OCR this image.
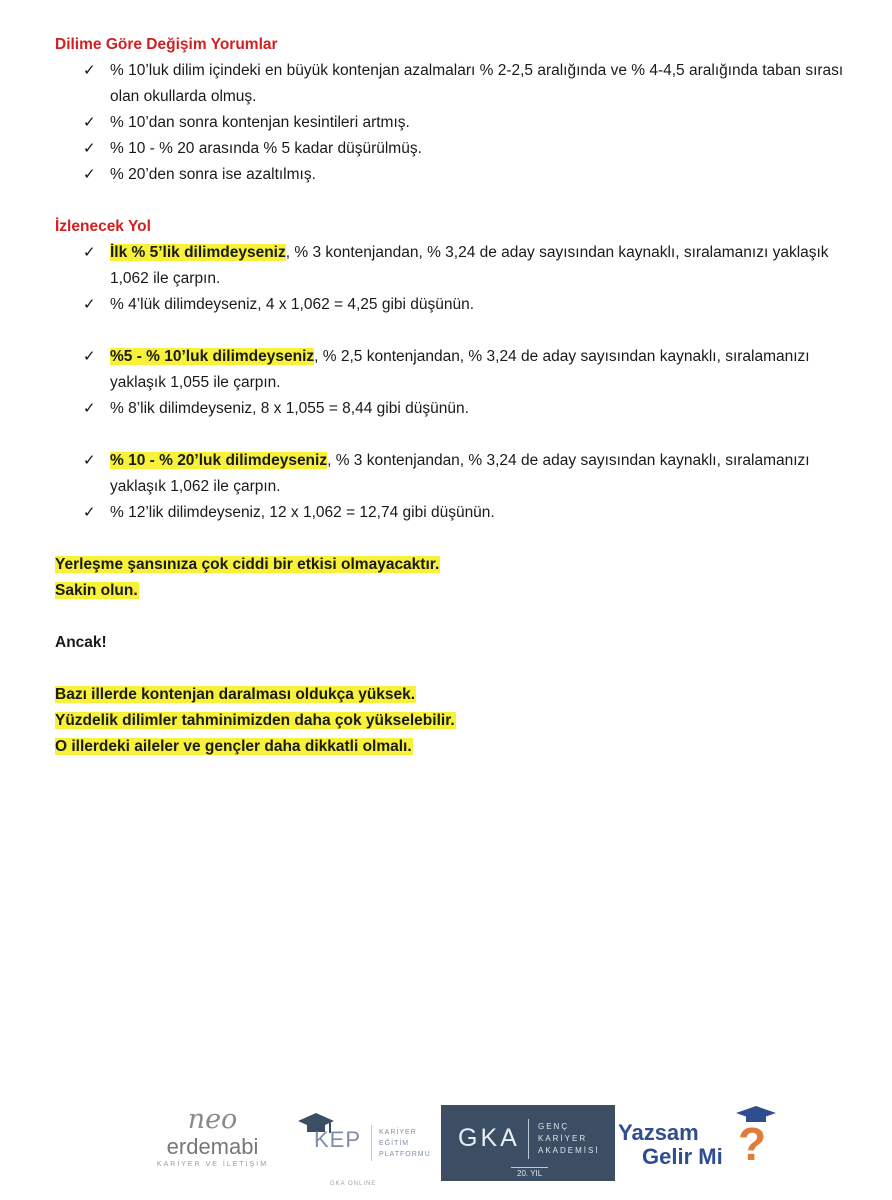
Dilime Göre Değişim Yorumlar
✓ % 10’luk dilim içindeki en büyük kontenjan azalmaları % 2-2,5 aralığında ve % 4-4,5 aralığında taban sırası olan okullarda olmuş.
✓ % 10’dan sonra kontenjan kesintileri artmış.
✓ % 10 - % 20 arasında % 5 kadar düşürülmüş.
✓ % 20’den sonra ise azaltılmış.
İzlenecek Yol
✓ İlk % 5’lik dilimdeyseniz, % 3 kontenjandan, % 3,24 de aday sayısından kaynaklı, sıralamanızı yaklaşık 1,062 ile çarpın.
✓ % 4’lük dilimdeyseniz, 4 x 1,062 = 4,25 gibi düşünün.
✓ %5 - % 10’luk dilimdeyseniz, % 2,5 kontenjandan, % 3,24 de aday sayısından kaynaklı, sıralamanızı yaklaşık 1,055 ile çarpın.
✓ % 8’lik dilimdeyseniz, 8 x 1,055 = 8,44 gibi düşünün.
✓ % 10 - % 20’luk dilimdeyseniz, % 3 kontenjandan, % 3,24 de aday sayısından kaynaklı, sıralamanızı yaklaşık 1,062 ile çarpın.
✓ % 12’lik dilimdeyseniz, 12 x 1,062 = 12,74 gibi düşünün.

Yerleşme şansınıza çok ciddi bir etkisi olmayacaktır.

Sakin olun.

Ancak!

Bazı illerde kontenjan daralması oldukça yüksek.

Yüzdelik dilimler tahminimizden daha çok yükselebilir.

O illerdeki aileler ve gençler daha dikkatli olmalı.

neo
erdemabi
KARİYER VE İLETİŞİM
KEP	KARİYER
EĞİTİM
PLATFORMU
GKA ONLINE
GKA GENÇ
KARİYER
AKADEMİSİ
20. YIL
Yazsam
Gelir Mi ?
